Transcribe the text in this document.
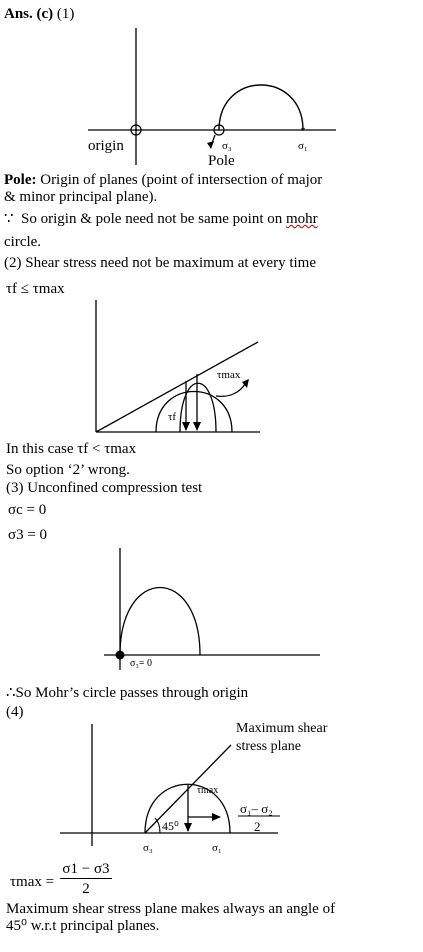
Ans. (c) (1)
*
origin	σ₃
Pole
σ₁
Pole: Origin of planes (point of intersection of major
& minor principal plane).
∵ So origin & pole need not be same point on mohr
circle.
(2) Shear stress need not be maximum at every time
τf ≤ τmax
τmax
τf
In this case τf < τmax
So option ‘2’ wrong.
(3) Unconfined compression test
σc = 0
σ3 = 0
σ₃= 0
∴So Mohr’s circle passes through origin
(4)
Maximum shear
stress plane
τmax
45⁰
σ₁– σ₂
2
σ₃	σ₁
τmax =
σ1 − σ3
2
Maximum shear stress plane makes always an angle of
45⁰ w.r.t principal planes.
